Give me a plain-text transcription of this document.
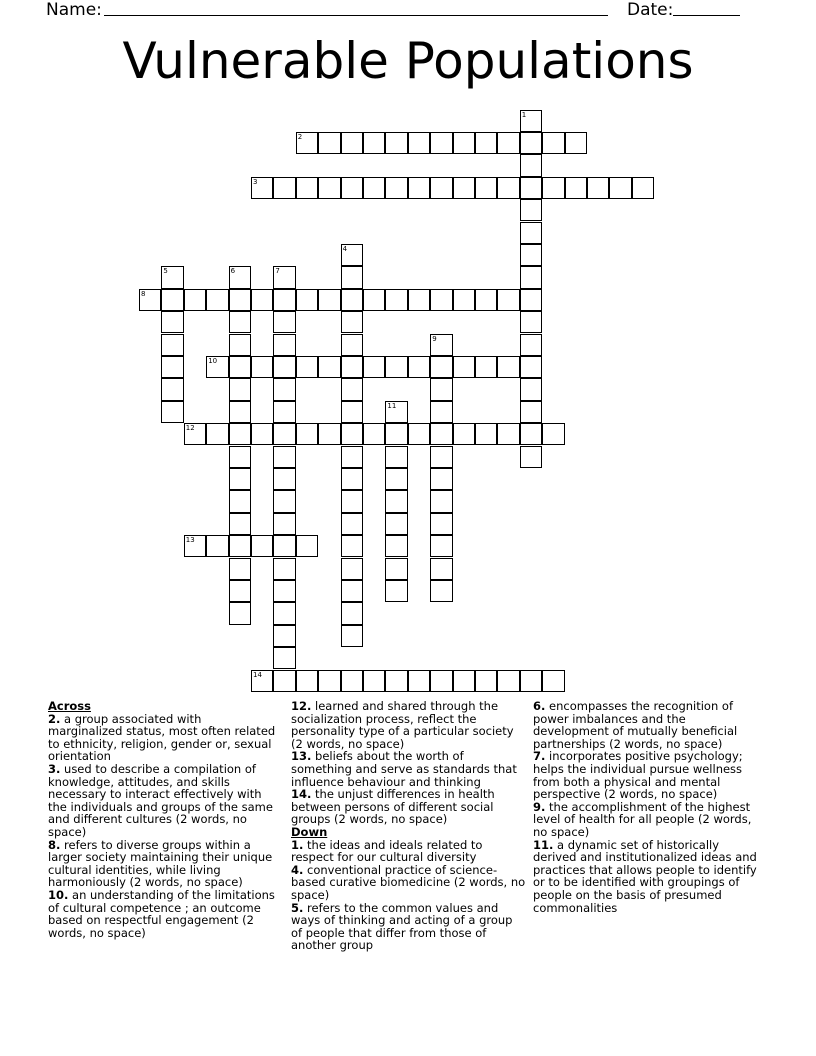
Name:	Date:
Vulnerable Populations
1
2
3
4
5	6	7
8
9
10
11
12
13
14
Across
2. a group associated with marginalized status, most often related to ethnicity, religion, gender or, sexual orientation
3. used to describe a compilation of knowledge, attitudes, and skills necessary to interact effectively with the individuals and groups of the same and different cultures (2 words, no space)
8. refers to diverse groups within a larger society maintaining their unique cultural identities, while living harmoniously (2 words, no space)
10. an understanding of the limitations of cultural competence ; an outcome based on respectful engagement (2 words, no space)
12. learned and shared through the socialization process, reflect the personality type of a particular society (2 words, no space)
13. beliefs about the worth of something and serve as standards that influence behaviour and thinking
14. the unjust differences in health between persons of different social groups (2 words, no space)
Down
1. the ideas and ideals related to respect for our cultural diversity
4. conventional practice of science-based curative biomedicine (2 words, no space)
5. refers to the common values and ways of thinking and acting of a group of people that differ from those of another group
6. encompasses the recognition of power imbalances and the development of mutually beneficial partnerships (2 words, no space)
7. incorporates positive psychology; helps the individual pursue wellness from both a physical and mental perspective (2 words, no space)
9. the accomplishment of the highest level of health for all people (2 words, no space)
11. a dynamic set of historically derived and institutionalized ideas and practices that allows people to identify or to be identified with groupings of people on the basis of presumed commonalities
